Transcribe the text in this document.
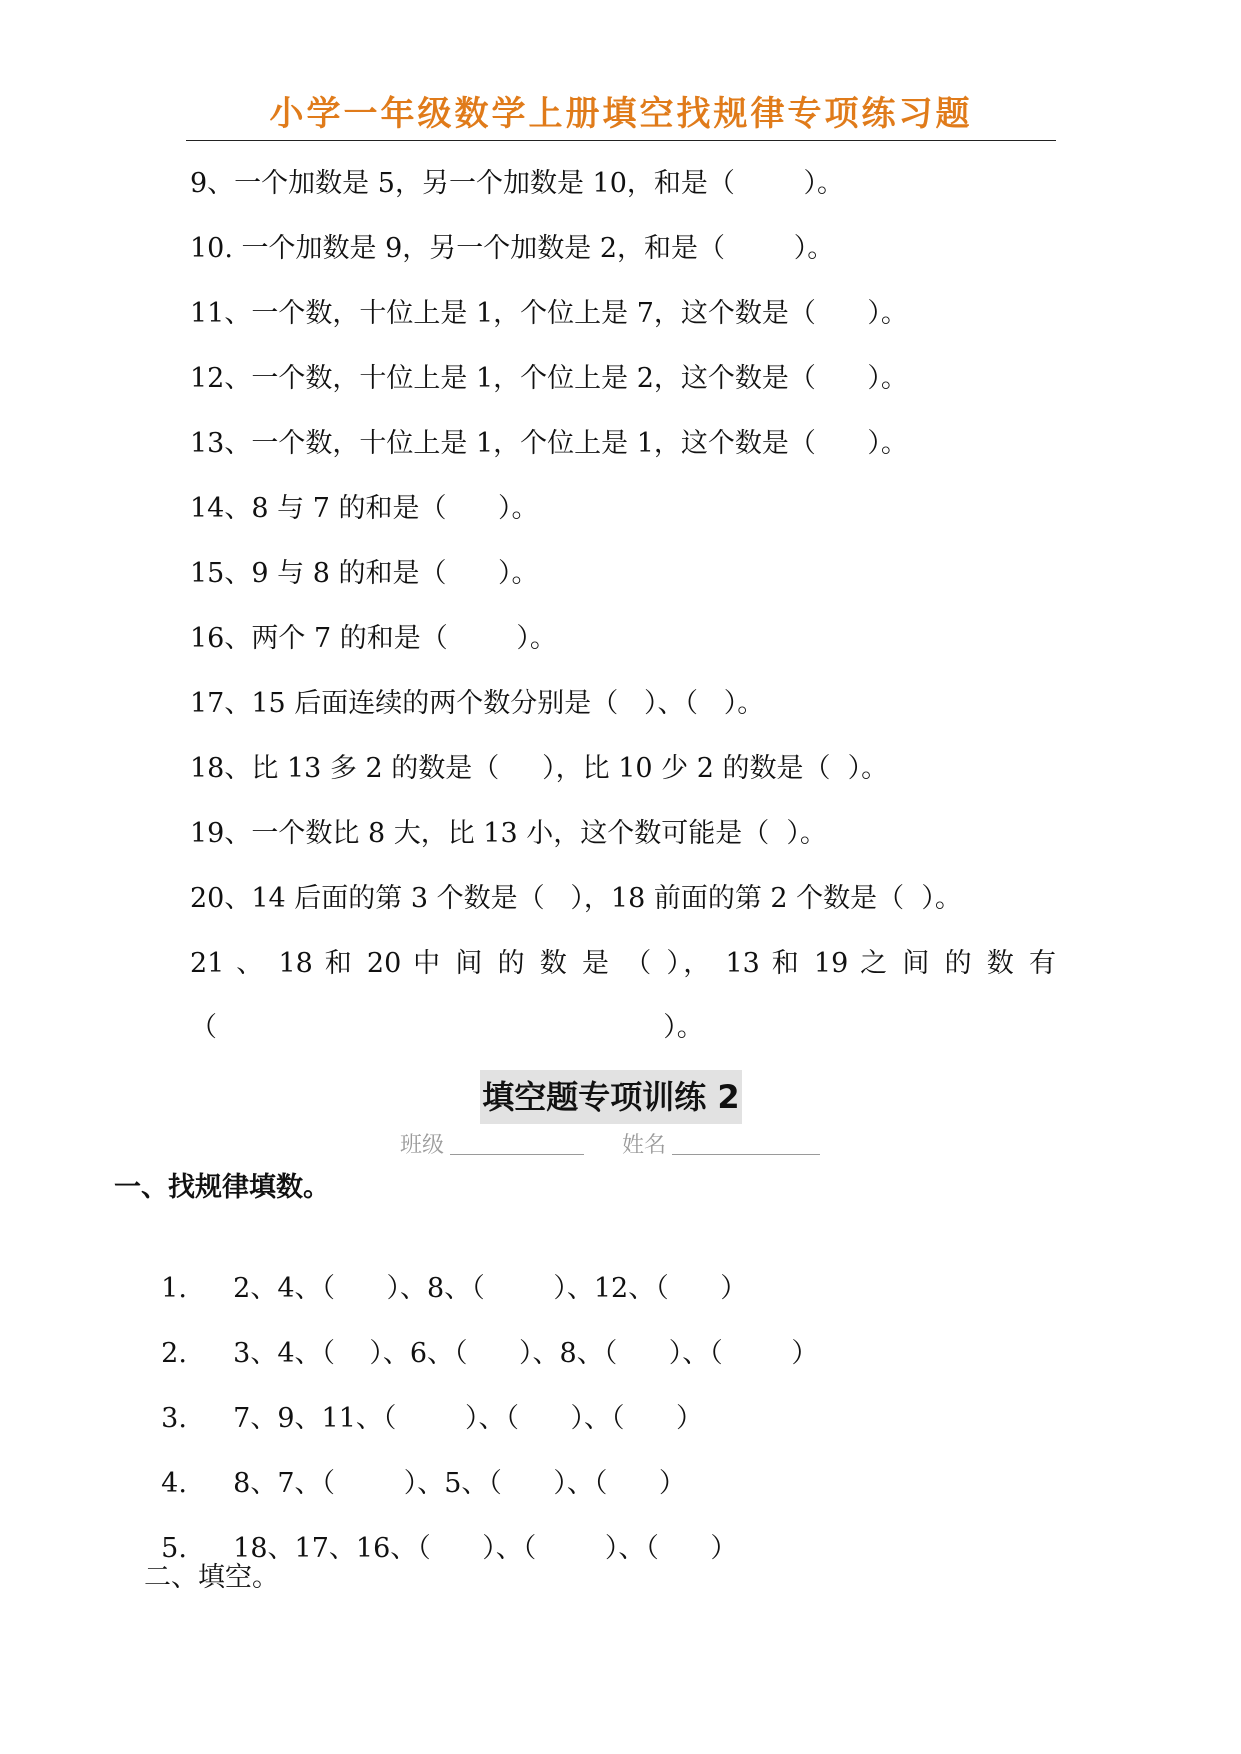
小学一年级数学上册填空找规律专项练习题

9、一个加数是 5，另一个加数是 10，和是（        ）。

10. 一个加数是 9，另一个加数是 2，和是（        ）。

11、一个数，十位上是 1，个位上是 7，这个数是（      ）。

12、一个数，十位上是 1，个位上是 2，这个数是（      ）。

13、一个数，十位上是 1，个位上是 1，这个数是（      ）。

14、8 与 7 的和是（      ）。

15、9 与 8 的和是（      ）。

16、两个 7 的和是（        ）。

17、15 后面连续的两个数分别是（   ）、（   ）。

18、比 13 多 2 的数是（     ），比 10 少 2 的数是（  ）。

19、一个数比 8 大，比 13 小，这个数可能是（  ）。

20、14 后面的第 3 个数是（   ），18 前面的第 2 个数是（  ）。

21 、 18 和 20 中 间 的 数 是 （ ）， 13 和 19 之 间 的 数 有

（                                                    ）。

填空题专项训练 2
班级	姓名

一、找规律填数。

1. 2、4、（      ）、8、（        ）、12、（      ）

2. 3、4、（    ）、6、（      ）、8、（      ）、（        ）

3. 7、9、11、（        ）、（      ）、（      ）

4. 8、7、（        ）、5、（      ）、（      ）

5. 18、17、16、（      ）、（        ）、（      ）

二、填空。
